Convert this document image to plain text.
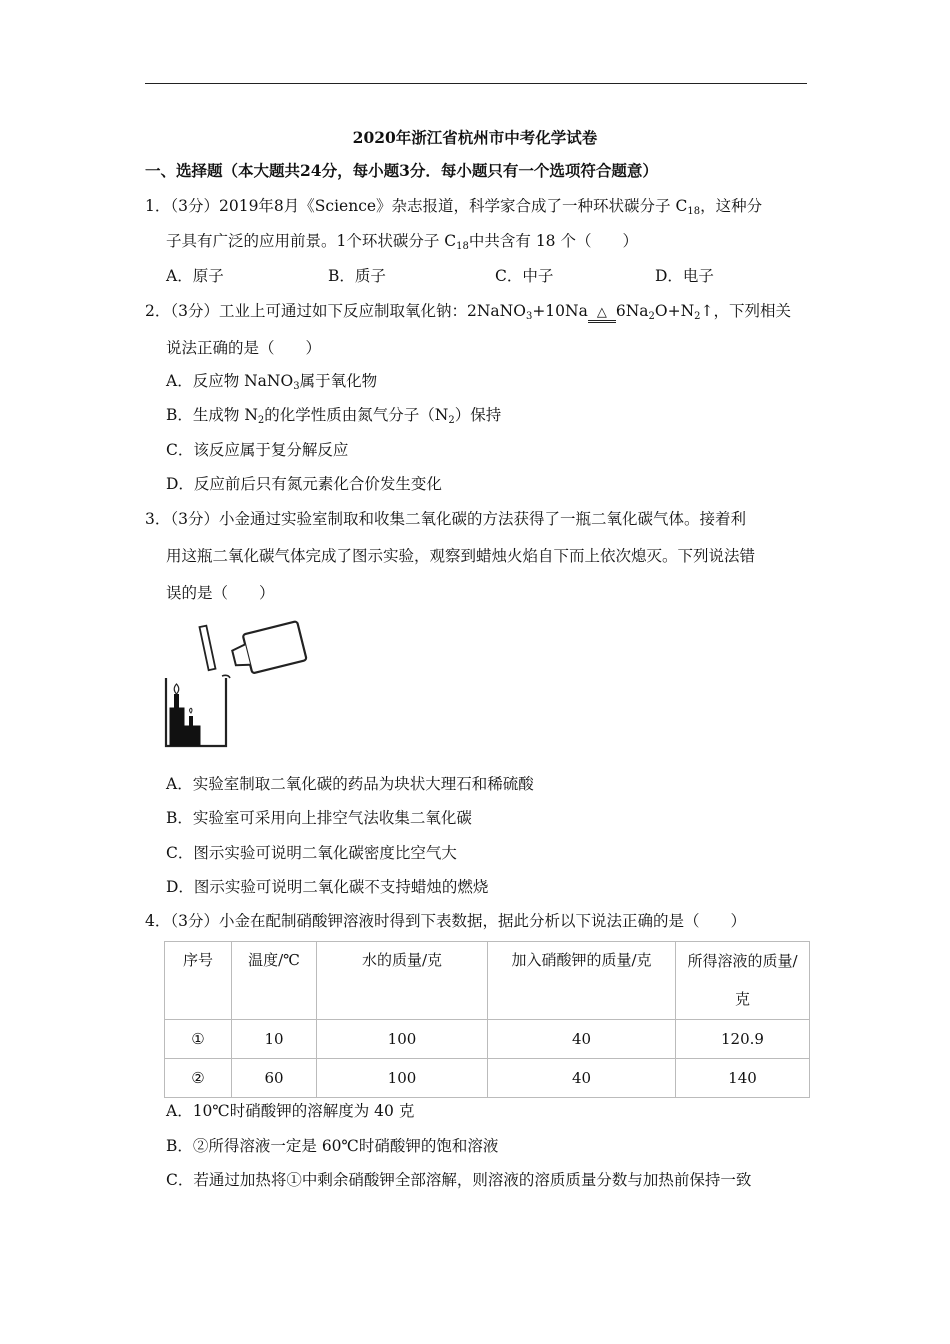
2020年浙江省杭州市中考化学试卷
一、选择题（本大题共24分，每小题3分．每小题只有一个选项符合题意）
1．（3分）2019年8月《Science》杂志报道，科学家合成了一种环状碳分子 $C_{18}$，这种分
子具有广泛的应用前景。1个环状碳分子 $C_{18}$中共含有 18 个（　　）
A．原子	B．质子	C．中子	D．电子
2．（3分）工业上可通过如下反应制取氧化钠：2NaNO$_3$+10Na △ $6Na_2O+N_2↑$，下列相关
说法正确的是（　　）
A．反应物 NaNO$_3$属于氧化物
B．生成物 $N_2$的化学性质由氮气分子$(N_2)$保持
C．该反应属于复分解反应
D．反应前后只有氮元素化合价发生变化
3．（3分）小金通过实验室制取和收集二氧化碳的方法获得了一瓶二氧化碳气体。接着利
用这瓶二氧化碳气体完成了图示实验，观察到蜡烛火焰自下而上依次熄灭。下列说法错
误的是（　　）
A．实验室制取二氧化碳的药品为块状大理石和稀硫酸
B．实验室可采用向上排空气法收集二氧化碳
C．图示实验可说明二氧化碳密度比空气大
D．图示实验可说明二氧化碳不支持蜡烛的燃烧
4．（3分）小金在配制硝酸钾溶液时得到下表数据，据此分析以下说法正确的是（　　）
序号	温度/℃	水的质量/克	加入硝酸钾的质量/克	所得溶液的质量/
克
①	10	100	40	120.9
②	60	100	40	140
A．10℃时硝酸钾的溶解度为 40 克
B．②所得溶液一定是 60℃时硝酸钾的饱和溶液
C．若通过加热将①中剩余硝酸钾全部溶解，则溶液的溶质质量分数与加热前保持一致
